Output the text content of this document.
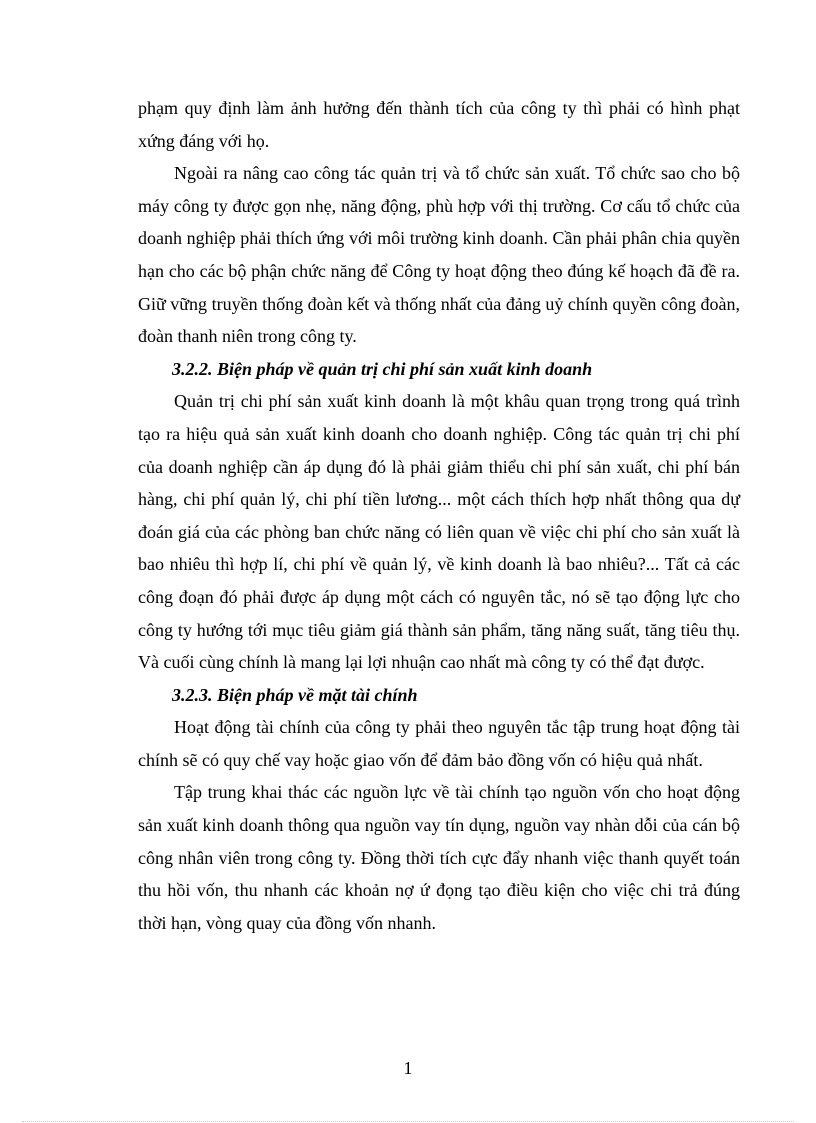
phạm quy định làm ảnh hưởng đến thành tích của công ty thì phải có hình phạt xứng đáng với họ.

Ngoài ra nâng cao công tác quản trị và tổ chức sản xuất. Tổ chức sao cho bộ máy công ty được gọn nhẹ, năng động, phù hợp với thị trường. Cơ cấu tổ chức của doanh nghiệp phải thích ứng với môi trường kinh doanh. Cần phải phân chia quyền hạn cho các bộ phận chức năng để Công ty hoạt động theo đúng kế hoạch đã đề ra. Giữ vững truyền thống đoàn kết và thống nhất của đảng uỷ chính quyền công đoàn, đoàn thanh niên trong công ty.

3.2.2. Biện pháp về quản trị chi phí sản xuất kinh doanh

Quản trị chi phí sản xuất kinh doanh là một khâu quan trọng trong quá trình tạo ra hiệu quả sản xuất kinh doanh cho doanh nghiệp. Công tác quản trị chi phí của doanh nghiệp cần áp dụng đó là phải giảm thiểu chi phí sản xuất, chi phí bán hàng, chi phí quản lý, chi phí tiền lương... một cách thích hợp nhất thông qua dự đoán giá của các phòng ban chức năng có liên quan về việc chi phí cho sản xuất là bao nhiêu thì hợp lí, chi phí về quản lý, về kinh doanh là bao nhiêu?... Tất cả các công đoạn đó phải được áp dụng một cách có nguyên tắc, nó sẽ tạo động lực cho công ty hướng tới mục tiêu giảm giá thành sản phẩm, tăng năng suất, tăng tiêu thụ. Và cuối cùng chính là mang lại lợi nhuận cao nhất mà công ty có thể đạt được.

3.2.3. Biện pháp về mặt tài chính

Hoạt động tài chính của công ty phải theo nguyên tắc tập trung hoạt động tài chính sẽ có quy chế vay hoặc giao vốn để đảm bảo đồng vốn có hiệu quả nhất.

Tập trung khai thác các nguồn lực về tài chính tạo nguồn vốn cho hoạt động sản xuất kinh doanh thông qua nguồn vay tín dụng, nguồn vay nhàn dỗi của cán bộ công nhân viên trong công ty. Đồng thời tích cực đẩy nhanh việc thanh quyết toán thu hồi vốn, thu nhanh các khoản nợ ứ đọng tạo điều kiện cho việc chi trả đúng thời hạn, vòng quay của đồng vốn nhanh.

1
